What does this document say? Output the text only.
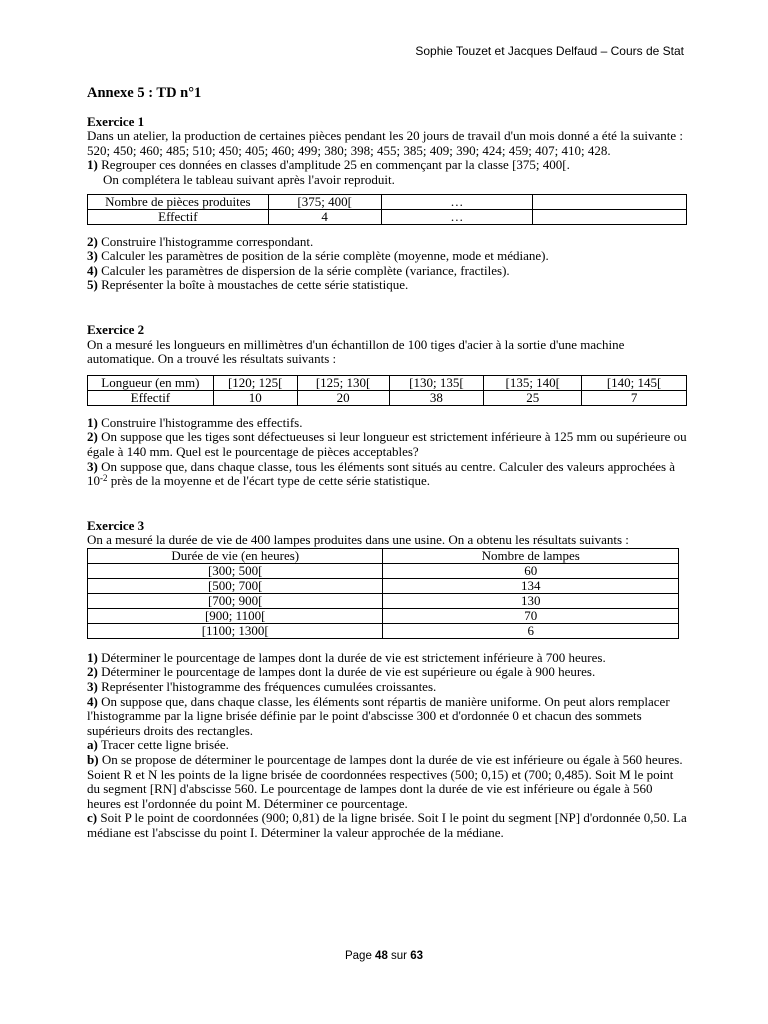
Sophie Touzet et Jacques Delfaud – Cours de Stat

Annexe 5 : TD n°1

Exercice 1

Dans un atelier, la production de certaines pièces pendant les 20 jours de travail d'un mois donné a été la suivante : 520; 450; 460; 485; 510; 450; 405; 460; 499; 380; 398; 455; 385; 409; 390; 424; 459; 407; 410; 428.

1) Regrouper ces données en classes d'amplitude 25 en commençant par la classe [375; 400[.

On complétera le tableau suivant après l'avoir reproduit.

Nombre de pièces produites	[375; 400[	…	
Effectif	4	…	

2) Construire l'histogramme correspondant.

3) Calculer les paramètres de position de la série complète (moyenne, mode et médiane).

4) Calculer les paramètres de dispersion de la série complète (variance, fractiles).

5) Représenter la boîte à moustaches de cette série statistique.

Exercice 2

On a mesuré les longueurs en millimètres d'un échantillon de 100 tiges d'acier à la sortie d'une machine automatique. On a trouvé les résultats suivants :

Longueur (en mm)	[120; 125[	[125; 130[	[130; 135[	[135; 140[	[140; 145[
Effectif	10	20	38	25	7

1) Construire l'histogramme des effectifs.

2) On suppose que les tiges sont défectueuses si leur longueur est strictement inférieure à 125 mm ou supérieure ou égale à 140 mm. Quel est le pourcentage de pièces acceptables?

3) On suppose que, dans chaque classe, tous les éléments sont situés au centre. Calculer des valeurs approchées à $10^{-2}$ près de la moyenne et de l'écart type de cette série statistique.

Exercice 3

On a mesuré la durée de vie de 400 lampes produites dans une usine. On a obtenu les résultats suivants :

Durée de vie (en heures)	Nombre de lampes
[300; 500[	60
[500; 700[	134
[700; 900[	130
[900; 1100[	70
[1100; 1300[	6

1) Déterminer le pourcentage de lampes dont la durée de vie est strictement inférieure à 700 heures.

2) Déterminer le pourcentage de lampes dont la durée de vie est supérieure ou égale à 900 heures.

3) Représenter l'histogramme des fréquences cumulées croissantes.

4) On suppose que, dans chaque classe, les éléments sont répartis de manière uniforme. On peut alors remplacer l'histogramme par la ligne brisée définie par le point d'abscisse 300 et d'ordonnée 0 et chacun des sommets supérieurs droits des rectangles.

a) Tracer cette ligne brisée.

b) On se propose de déterminer le pourcentage de lampes dont la durée de vie est inférieure ou égale à 560 heures. Soient R et N les points de la ligne brisée de coordonnées respectives (500; 0,15) et (700; 0,485). Soit M le point du segment [RN] d'abscisse 560. Le pourcentage de lampes dont la durée de vie est inférieure ou égale à 560 heures est l'ordonnée du point M. Déterminer ce pourcentage.

c) Soit P le point de coordonnées (900; 0,81) de la ligne brisée. Soit I le point du segment [NP] d'ordonnée 0,50. La médiane est l'abscisse du point I. Déterminer la valeur approchée de la médiane.

Page 48 sur 63
